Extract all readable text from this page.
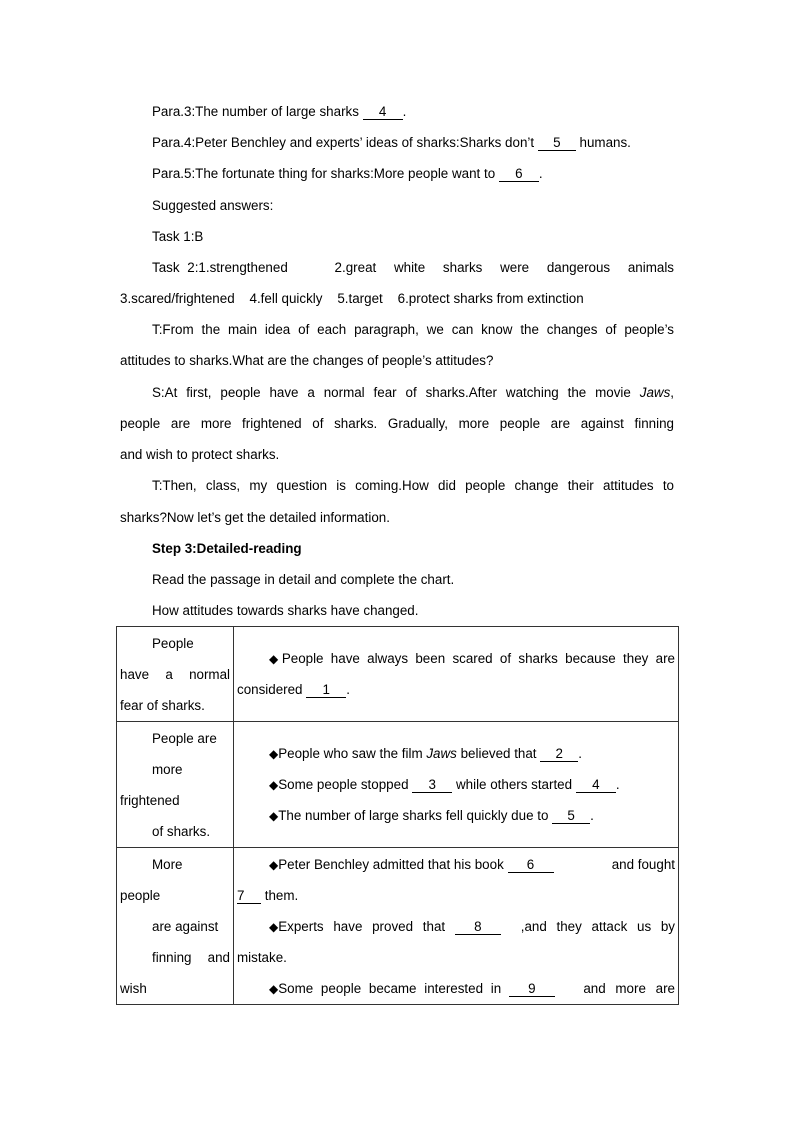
Para.3:The number of large sharks 4 .
Para.4:Peter Benchley and experts’ ideas of sharks:Sharks don’t 5 humans.
Para.5:The fortunate thing for sharks:More people want to 6 .
Suggested answers:
Task 1:B
Task 2:1.strengthened	2.great white sharks were dangerous animals
3.scared/frightened    4.fell quickly    5.target    6.protect sharks from extinction
T:From the main idea of each paragraph, we can know the changes of people’s
attitudes to sharks.What are the changes of people’s attitudes?
S:At first, people have a normal fear of sharks.After watching the movie Jaws,
people are more frightened of sharks. Gradually, more people are against finning
and wish to protect sharks.
T:Then, class, my question is coming.How did people change their attitudes to
sharks?Now let’s get the detailed information.
Step 3:Detailed-reading
Read the passage in detail and complete the chart.
How attitudes towards sharks have changed.
People
have a normal
fear of sharks.

◆People have always been scared of sharks because they are
considered 1 .

People are
more
frightened
of sharks.

◆People who saw the film Jaws believed that 2 .
◆Some people stopped 3 while others started 4 .
◆The number of large sharks fell quickly due to 5 .

More
people
are against
finning and
wish

◆Peter Benchley admitted that his book 6	and fought
7 them.
◆Experts have proved that 8	,and they attack us by
mistake.
◆Some people became interested in 9	and more are
